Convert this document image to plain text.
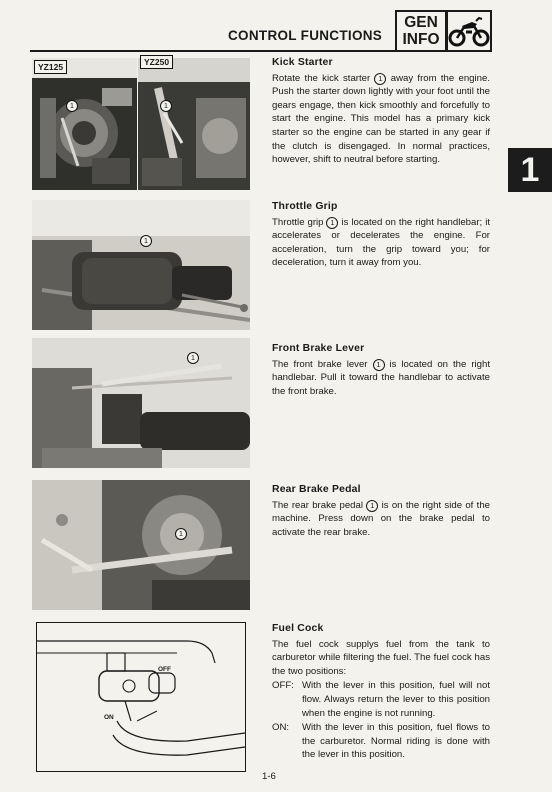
CONTROL FUNCTIONS
GEN
INFO
1
YZ125
1
YZ250
1
1
1
1
OFF
ON
Kick Starter

Rotate the kick starter 1 away from the engine. Push the starter down lightly with your foot until the gears engage, then kick smoothly and forcefully to start the engine. This model has a primary kick starter so the engine can be started in any gear if the clutch is disengaged. In normal practices, however, shift to neutral before starting.

Throttle Grip

Throttle grip 1 is located on the right handlebar; it accelerates or decelerates the engine. For acceleration, turn the grip toward you; for deceleration, turn it away from you.

Front Brake Lever

The front brake lever 1 is located on the right handlebar. Pull it toward the handlebar to activate the front brake.

Rear Brake Pedal

The rear brake pedal 1 is on the right side of the machine. Press down on the brake pedal to activate the rear brake.

Fuel Cock

The fuel cock supplys fuel from the tank to carburetor while filtering the fuel. The fuel cock has the two positions:

OFF: With the lever in this position, fuel will not flow. Always return the lever to this position when the engine is not running.
ON:	With the lever in this position, fuel flows to the carburetor. Normal riding is done with the lever in this position.
1-6
